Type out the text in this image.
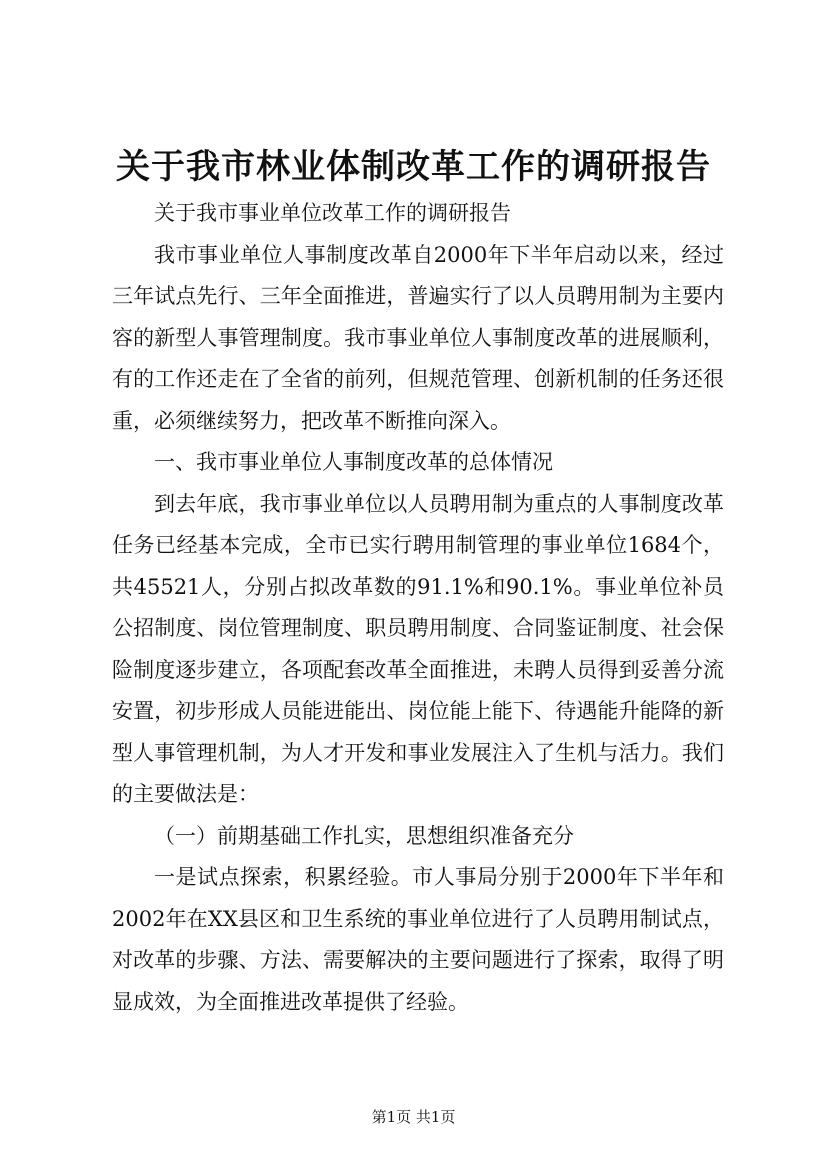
关于我市林业体制改革工作的调研报告

关于我市事业单位改革工作的调研报告

我市事业单位人事制度改革自2000年下半年启动以来，经过三年试点先行、三年全面推进，普遍实行了以人员聘用制为主要内容的新型人事管理制度。我市事业单位人事制度改革的进展顺利，有的工作还走在了全省的前列，但规范管理、创新机制的任务还很重，必须继续努力，把改革不断推向深入。

一、我市事业单位人事制度改革的总体情况

到去年底，我市事业单位以人员聘用制为重点的人事制度改革任务已经基本完成，全市已实行聘用制管理的事业单位1684个，共45521人，分别占拟改革数的91.1%和90.1%。事业单位补员公招制度、岗位管理制度、职员聘用制度、合同鉴证制度、社会保险制度逐步建立，各项配套改革全面推进，未聘人员得到妥善分流安置，初步形成人员能进能出、岗位能上能下、待遇能升能降的新型人事管理机制，为人才开发和事业发展注入了生机与活力。我们的主要做法是：

（一）前期基础工作扎实，思想组织准备充分

一是试点探索，积累经验。市人事局分别于2000年下半年和2002年在XX县区和卫生系统的事业单位进行了人员聘用制试点，对改革的步骤、方法、需要解决的主要问题进行了探索，取得了明显成效，为全面推进改革提供了经验。

第1页 共1页
